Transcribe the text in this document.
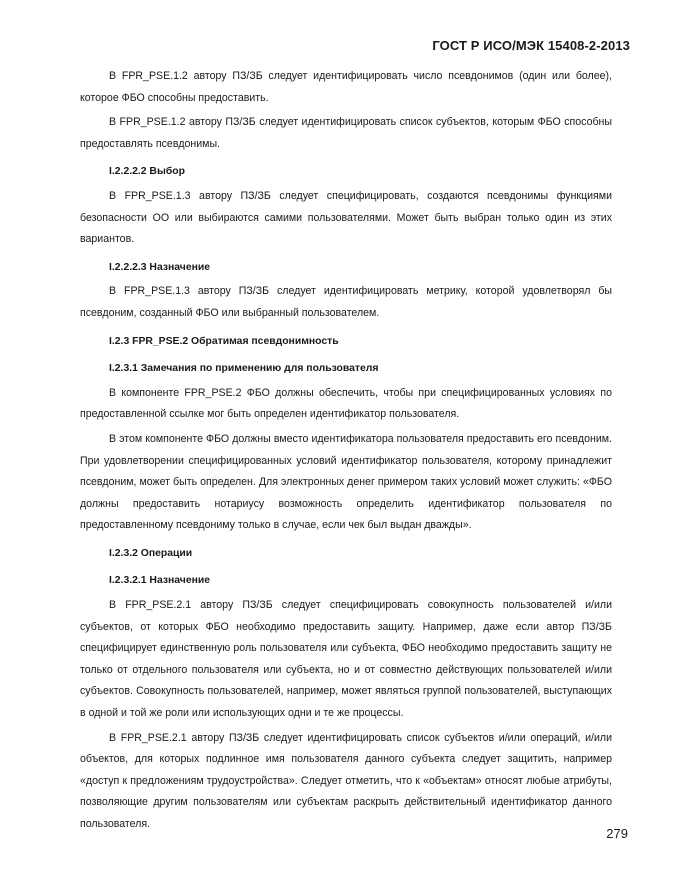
ГОСТ Р ИСО/МЭК 15408-2-2013

В FPR_PSE.1.2 автору ПЗ/ЗБ следует идентифицировать число псевдонимов (один или более), которое ФБО способны предоставить.

В FPR_PSE.1.2 автору ПЗ/ЗБ следует идентифицировать список субъектов, которым ФБО способны предоставлять псевдонимы.

I.2.2.2.2 Выбор

В FPR_PSE.1.3 автору ПЗ/ЗБ следует специфицировать, создаются псевдонимы функциями безопасности ОО или выбираются самими пользователями. Может быть выбран только один из этих вариантов.

I.2.2.2.3 Назначение

В FPR_PSE.1.3 автору ПЗ/ЗБ следует идентифицировать метрику, которой удовлетворял бы псевдоним, созданный ФБО или выбранный пользователем.

I.2.3 FPR_PSE.2 Обратимая псевдонимность
I.2.3.1 Замечания по применению для пользователя

В компоненте FPR_PSE.2 ФБО должны обеспечить, чтобы при специфицированных условиях по предоставленной ссылке мог быть определен идентификатор пользователя.

В этом компоненте ФБО должны вместо идентификатора пользователя предоставить его псевдоним. При удовлетворении специфицированных условий идентификатор пользователя, которому принадлежит псевдоним, может быть определен. Для электронных денег примером таких условий может служить: «ФБО должны предоставить нотариусу возможность определить идентификатор пользователя по предоставленному псевдониму только в случае, если чек был выдан дважды».

I.2.3.2 Операции
I.2.3.2.1 Назначение

В FPR_PSE.2.1 автору ПЗ/ЗБ следует специфицировать совокупность пользователей и/или субъектов, от которых ФБО необходимо предоставить защиту. Например, даже если автор ПЗ/ЗБ специфицирует единственную роль пользователя или субъекта, ФБО необходимо предоставить защиту не только от отдельного пользователя или субъекта, но и от совместно действующих пользователей и/или субъектов. Совокупность пользователей, например, может являться группой пользователей, выступающих в одной и той же роли или использующих одни и те же процессы.

В FPR_PSE.2.1 автору ПЗ/ЗБ следует идентифицировать список субъектов и/или операций, и/или объектов, для которых подлинное имя пользователя данного субъекта следует защитить, например «доступ к предложениям трудоустройства». Следует отметить, что к «объектам» относят любые атрибуты, позволяющие другим пользователям или субъектам раскрыть действительный идентификатор данного пользователя.

279
